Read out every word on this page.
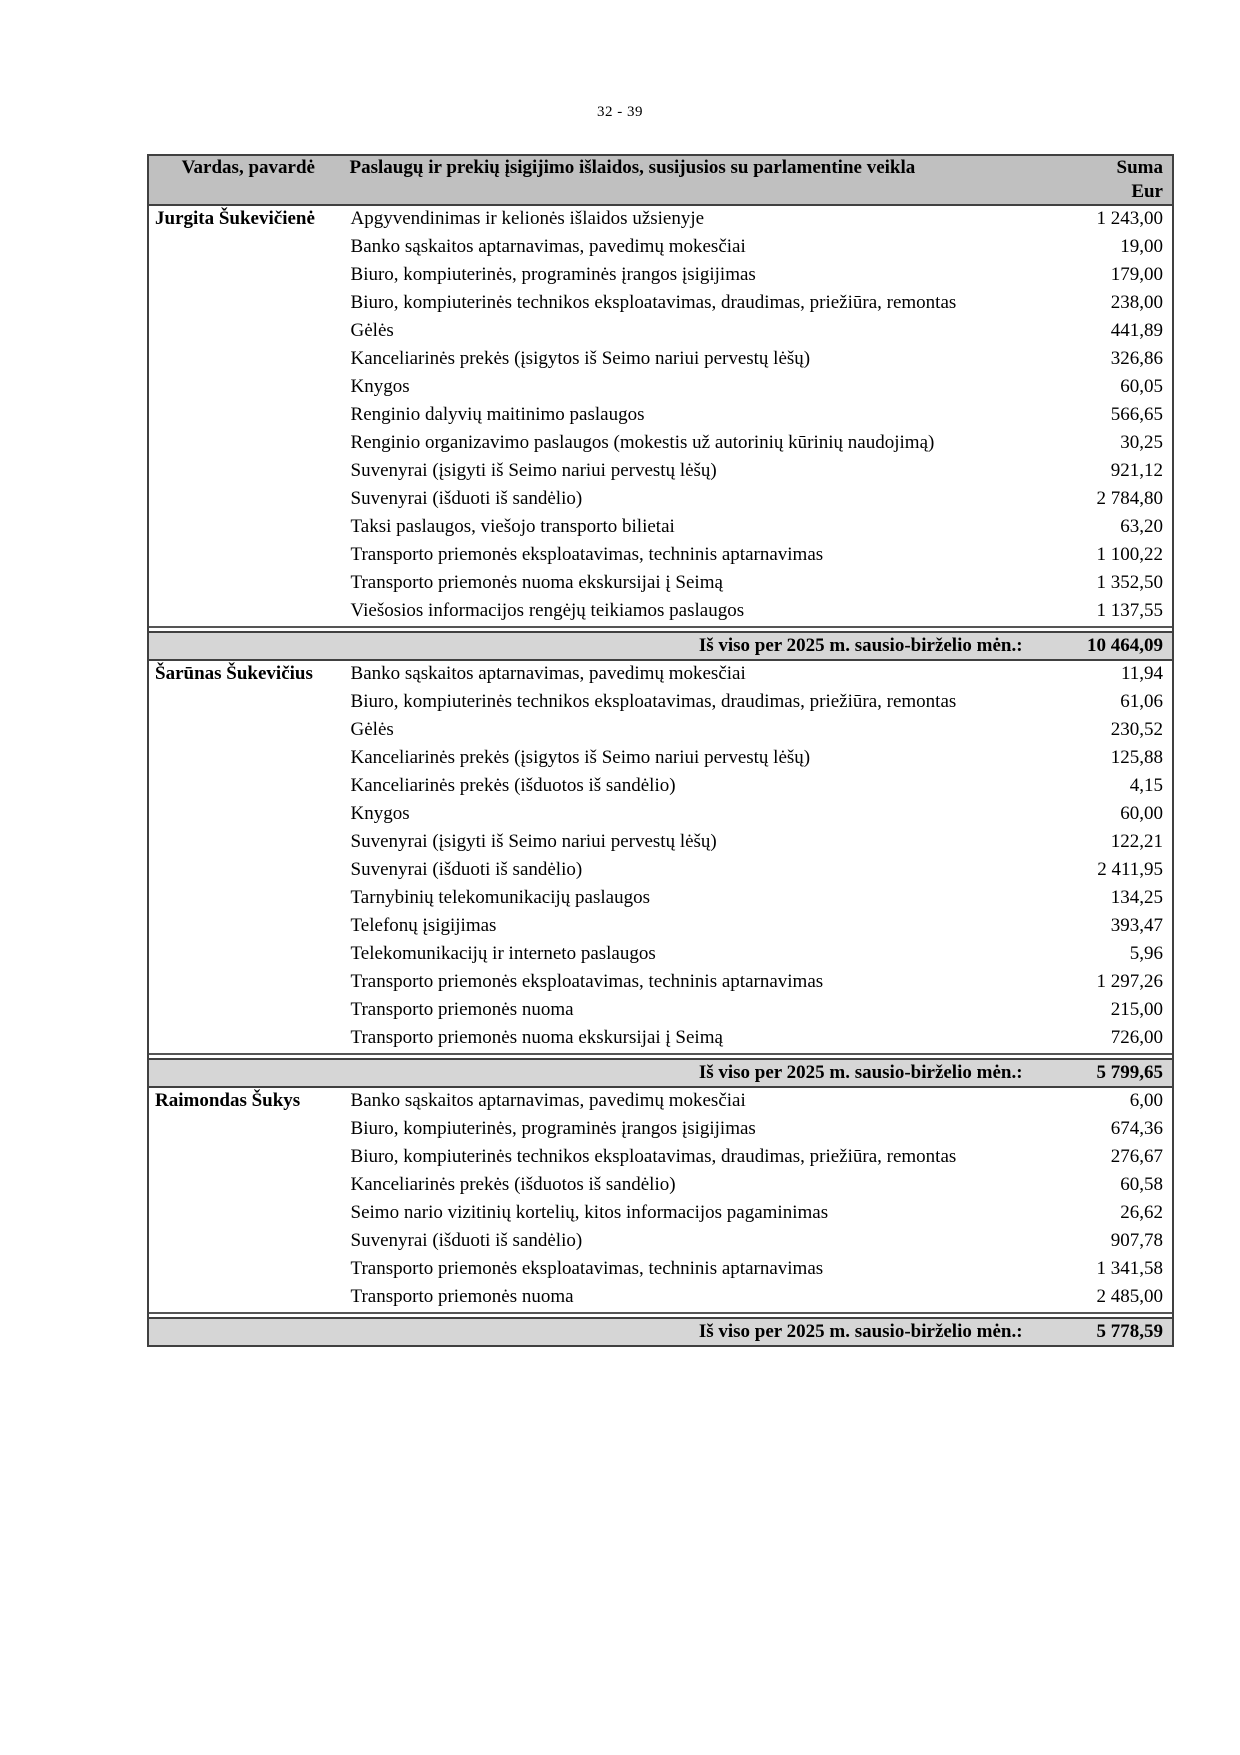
32 - 39
Vardas, pavardė	Paslaugų ir prekių įsigijimo išlaidos, susijusios su parlamentine veikla	Suma
Eur
Jurgita Šukevičienė	Apgyvendinimas ir kelionės išlaidos užsienyje	1 243,00
	Banko sąskaitos aptarnavimas, pavedimų mokesčiai	19,00
	Biuro, kompiuterinės, programinės įrangos įsigijimas	179,00
	Biuro, kompiuterinės technikos eksploatavimas, draudimas, priežiūra, remontas	238,00
	Gėlės	441,89
	Kanceliarinės prekės (įsigytos iš Seimo nariui pervestų lėšų)	326,86
	Knygos	60,05
	Renginio dalyvių maitinimo paslaugos	566,65
	Renginio organizavimo paslaugos (mokestis už autorinių kūrinių naudojimą)	30,25
	Suvenyrai (įsigyti iš Seimo nariui pervestų lėšų)	921,12
	Suvenyrai (išduoti iš sandėlio)	2 784,80
	Taksi paslaugos, viešojo transporto bilietai	63,20
	Transporto priemonės eksploatavimas, techninis aptarnavimas	1 100,22
	Transporto priemonės nuoma ekskursijai į Seimą	1 352,50
	Viešosios informacijos rengėjų teikiamos paslaugos	1 137,55

Iš viso per 2025 m. sausio-birželio mėn.:		10 464,09
Šarūnas Šukevičius	Banko sąskaitos aptarnavimas, pavedimų mokesčiai	11,94
	Biuro, kompiuterinės technikos eksploatavimas, draudimas, priežiūra, remontas	61,06
	Gėlės	230,52
	Kanceliarinės prekės (įsigytos iš Seimo nariui pervestų lėšų)	125,88
	Kanceliarinės prekės (išduotos iš sandėlio)	4,15
	Knygos	60,00
	Suvenyrai (įsigyti iš Seimo nariui pervestų lėšų)	122,21
	Suvenyrai (išduoti iš sandėlio)	2 411,95
	Tarnybinių telekomunikacijų paslaugos	134,25
	Telefonų įsigijimas	393,47
	Telekomunikacijų ir interneto paslaugos	5,96
	Transporto priemonės eksploatavimas, techninis aptarnavimas	1 297,26
	Transporto priemonės nuoma	215,00
	Transporto priemonės nuoma ekskursijai į Seimą	726,00

Iš viso per 2025 m. sausio-birželio mėn.:		5 799,65
Raimondas Šukys	Banko sąskaitos aptarnavimas, pavedimų mokesčiai	6,00
	Biuro, kompiuterinės, programinės įrangos įsigijimas	674,36
	Biuro, kompiuterinės technikos eksploatavimas, draudimas, priežiūra, remontas	276,67
	Kanceliarinės prekės (išduotos iš sandėlio)	60,58
	Seimo nario vizitinių kortelių, kitos informacijos pagaminimas	26,62
	Suvenyrai (išduoti iš sandėlio)	907,78
	Transporto priemonės eksploatavimas, techninis aptarnavimas	1 341,58
	Transporto priemonės nuoma	2 485,00

Iš viso per 2025 m. sausio-birželio mėn.:		5 778,59
